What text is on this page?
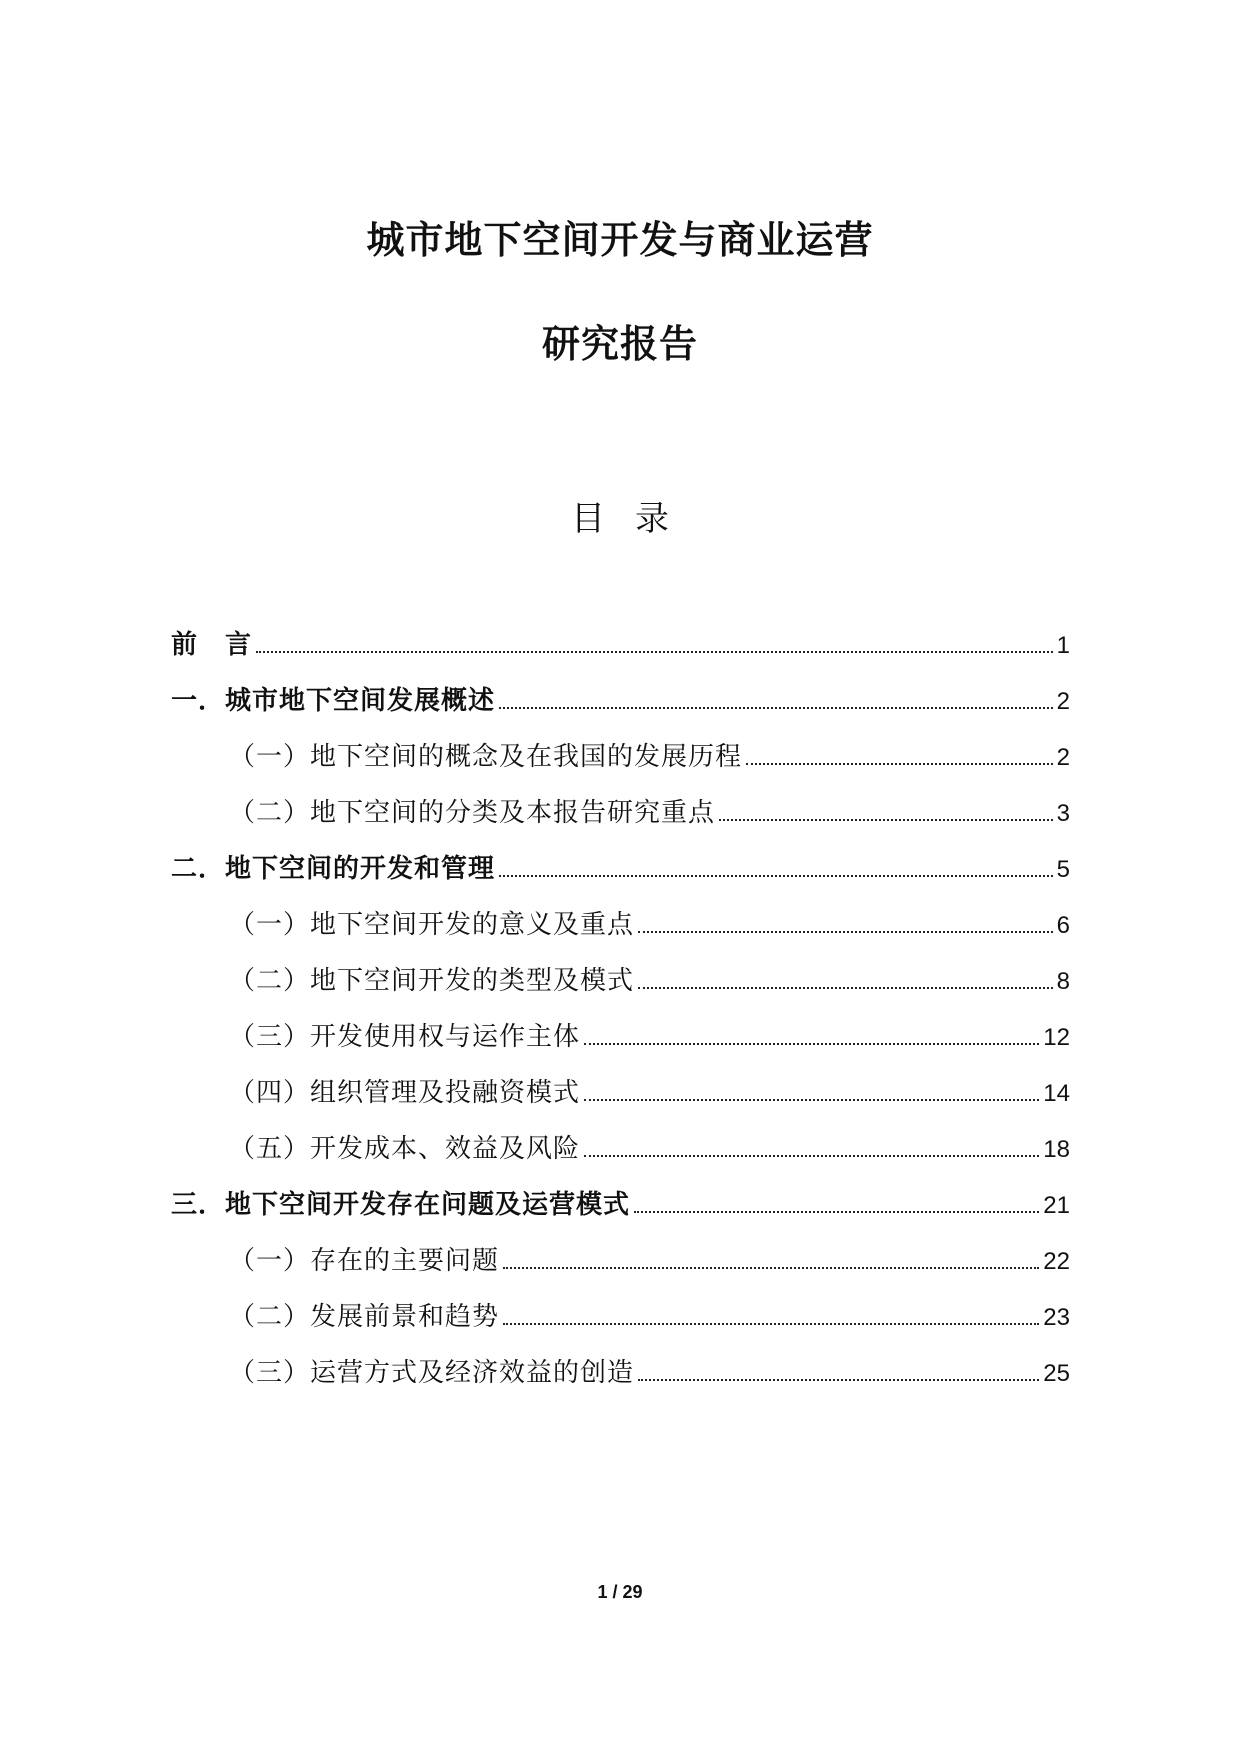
城市地下空间开发与商业运营
研究报告
目录
前　言	1
一．城市地下空间发展概述	2
（一）地下空间的概念及在我国的发展历程	2
（二）地下空间的分类及本报告研究重点	3
二．地下空间的开发和管理	5
（一）地下空间开发的意义及重点	6
（二）地下空间开发的类型及模式	8
（三）开发使用权与运作主体	12
（四）组织管理及投融资模式	14
（五）开发成本、效益及风险	18
三．地下空间开发存在问题及运营模式	21
（一）存在的主要问题	22
（二）发展前景和趋势	23
（三）运营方式及经济效益的创造	25
1 / 29
